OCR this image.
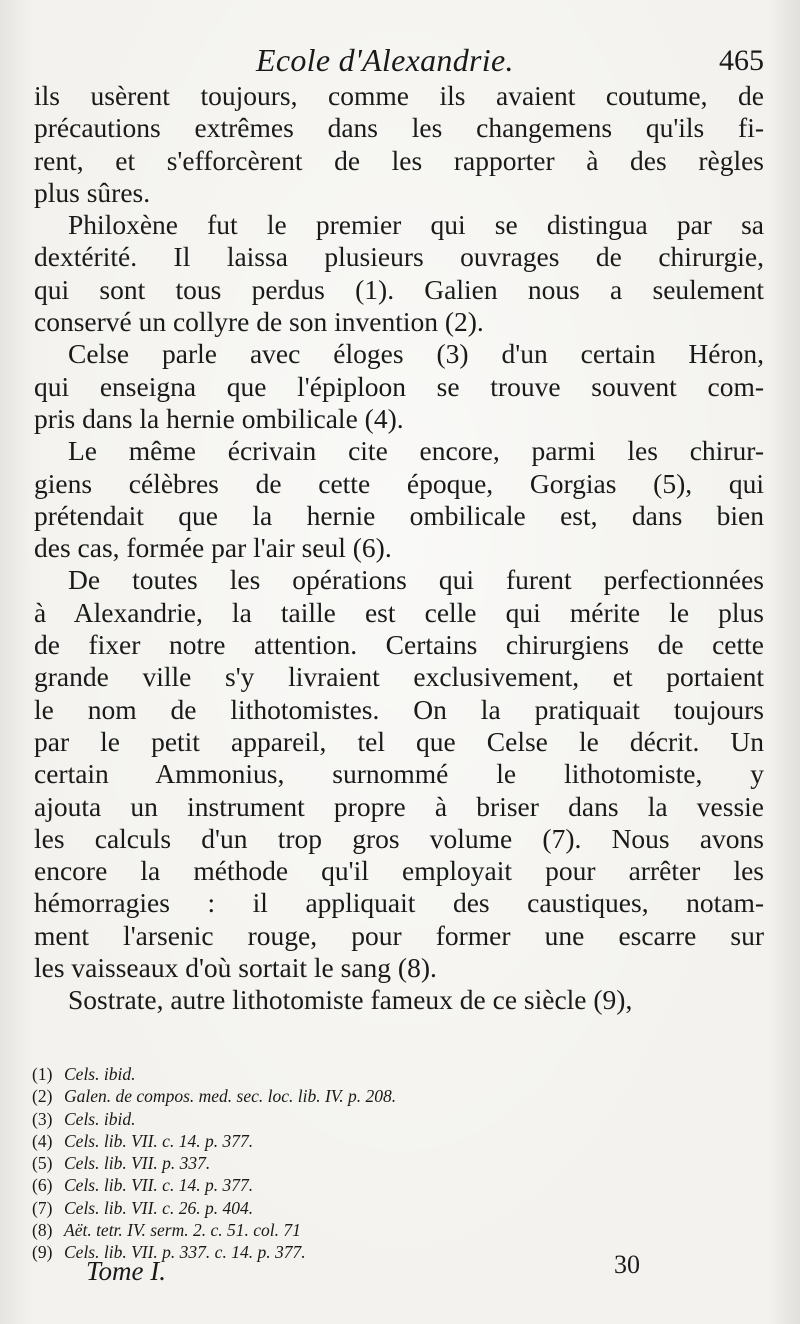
Ecole d'Alexandrie.	465
ils usèrent toujours, comme ils avaient coutume, de
précautions extrêmes dans les changemens qu'ils fi-
rent, et s'efforcèrent de les rapporter à des règles
plus sûres.
Philoxène fut le premier qui se distingua par sa
dextérité. Il laissa plusieurs ouvrages de chirurgie,
qui sont tous perdus (1). Galien nous a seulement
conservé un collyre de son invention (2).
Celse parle avec éloges (3) d'un certain Héron,
qui enseigna que l'épiploon se trouve souvent com-
pris dans la hernie ombilicale (4).
Le même écrivain cite encore, parmi les chirur-
giens célèbres de cette époque, Gorgias (5), qui
prétendait que la hernie ombilicale est, dans bien
des cas, formée par l'air seul (6).
De toutes les opérations qui furent perfectionnées
à Alexandrie, la taille est celle qui mérite le plus
de fixer notre attention. Certains chirurgiens de cette
grande ville s'y livraient exclusivement, et portaient
le nom de lithotomistes. On la pratiquait toujours
par le petit appareil, tel que Celse le décrit. Un
certain Ammonius, surnommé le lithotomiste, y
ajouta un instrument propre à briser dans la vessie
les calculs d'un trop gros volume (7). Nous avons
encore la méthode qu'il employait pour arrêter les
hémorragies : il appliquait des caustiques, notam-
ment l'arsenic rouge, pour former une escarre sur
les vaisseaux d'où sortait le sang (8).
Sostrate, autre lithotomiste fameux de ce siècle (9),
(1) Cels. ibid.
(2) Galen. de compos. med. sec. loc. lib. IV. p. 208.
(3) Cels. ibid.
(4) Cels. lib. VII. c. 14. p. 377.
(5) Cels. lib. VII. p. 337.
(6) Cels. lib. VII. c. 14. p. 377.
(7) Cels. lib. VII. c. 26. p. 404.
(8) Aët. tetr. IV. serm. 2. c. 51. col. 71
(9) Cels. lib. VII. p. 337. c. 14. p. 377.
Tome I.	30
